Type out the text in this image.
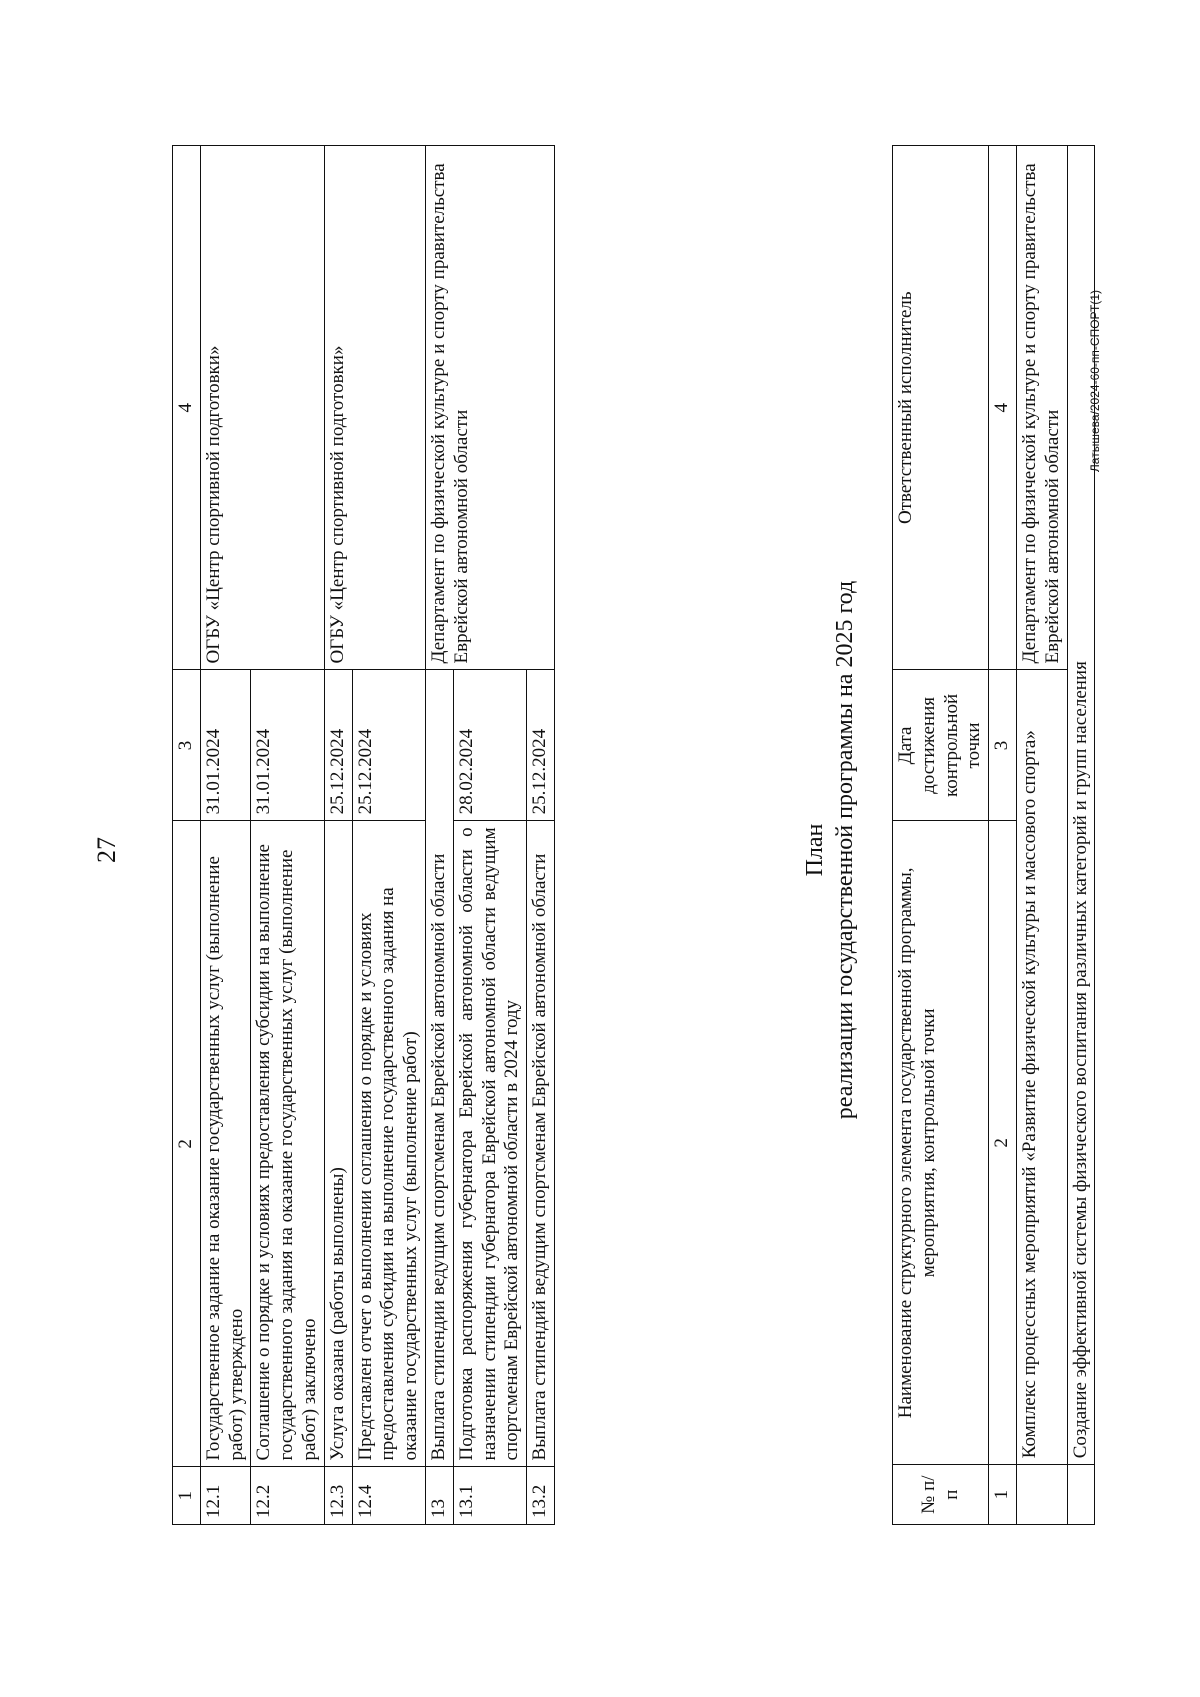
27
1	2	3	4
12.1	Государственное задание на оказание государственных услуг (выполнение работ) утверждено	31.01.2024	ОГБУ «Центр спортивной подготовки»
12.2	Соглашение о порядке и условиях предоставления субсидии на выполнение государственного задания на оказание государственных услуг (выполнение работ) заключено	31.01.2024	
12.3	Услуга оказана (работы выполнены)	25.12.2024	ОГБУ «Центр спортивной подготовки»
12.4	Представлен отчет о выполнении соглашения о порядке и условиях предоставления субсидии на выполнение государственного задания на оказание государственных услуг (выполнение работ)	25.12.2024	
13	Выплата стипендии ведущим спортсменам Еврейской автономной области		Департамент по физической культуре и спорту правительства Еврейской автономной области
13.1	Подготовка распоряжения губернатора Еврейской автономной области о назначении стипендии губернатора Еврейской автономной области ведущим спортсменам Еврейской автономной области в 2024 году	28.02.2024	
13.2	Выплата стипендий ведущим спортсменам Еврейской автономной области	25.12.2024	
План реализации государственной программы на 2025 год
№ п/п	Наименование структурного элемента государственной программы, мероприятия, контрольной точки	Дата достижения контрольной точки	Ответственный исполнитель
1	2	3	4
	Комплекс процессных мероприятий «Развитие физической культуры и массового спорта»		Департамент по физической культуре и спорту правительства Еврейской автономной области
	Создание эффективной системы физического воспитания различных категорий и групп населения		
Латышева/2024-60-пп-СПОРТ(1)
